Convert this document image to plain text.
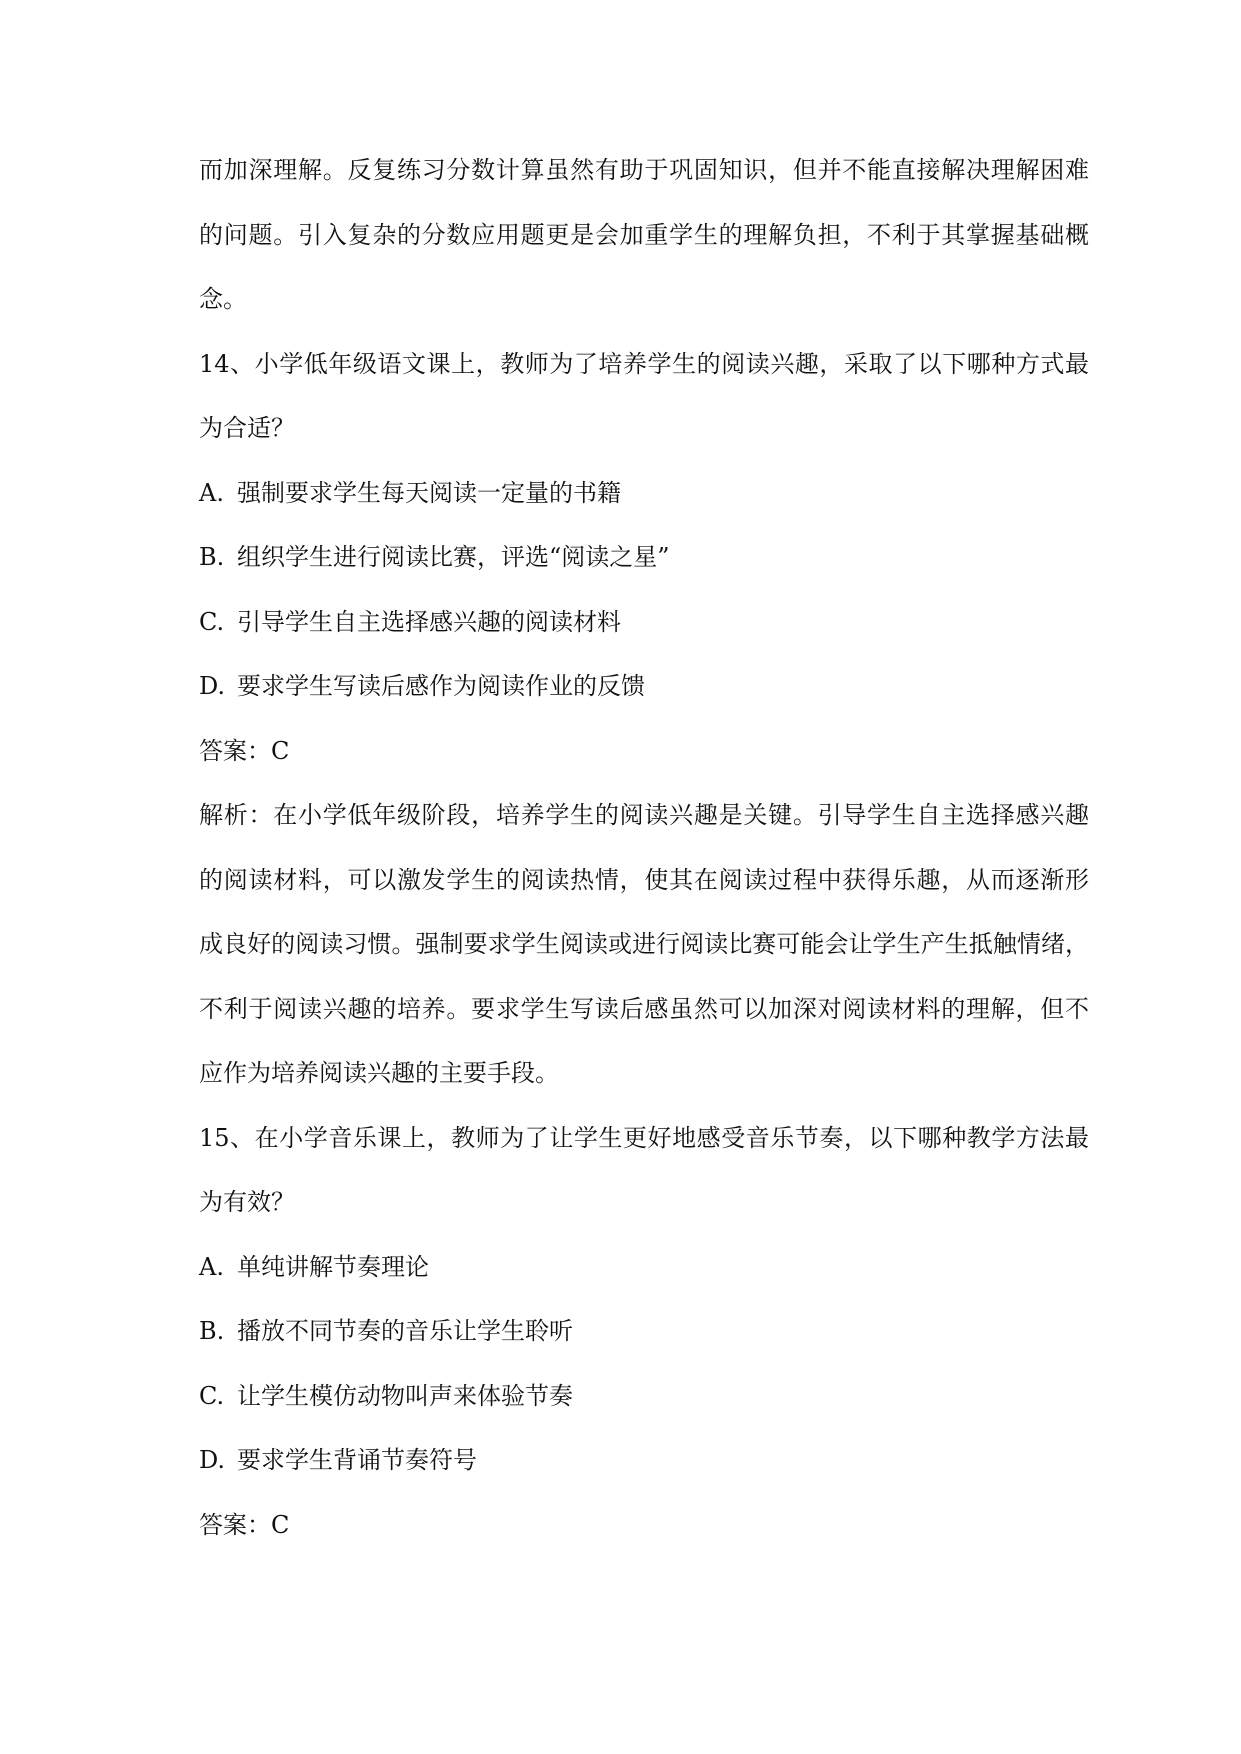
而加深理解。反复练习分数计算虽然有助于巩固知识，但并不能直接解决理解困难
的问题。引入复杂的分数应用题更是会加重学生的理解负担，不利于其掌握基础概
念。
14、小学低年级语文课上，教师为了培养学生的阅读兴趣，采取了以下哪种方式最
为合适？
A. 强制要求学生每天阅读一定量的书籍
B. 组织学生进行阅读比赛，评选“阅读之星”
C. 引导学生自主选择感兴趣的阅读材料
D. 要求学生写读后感作为阅读作业的反馈
答案：C
解析：在小学低年级阶段，培养学生的阅读兴趣是关键。引导学生自主选择感兴趣
的阅读材料，可以激发学生的阅读热情，使其在阅读过程中获得乐趣，从而逐渐形
成良好的阅读习惯。强制要求学生阅读或进行阅读比赛可能会让学生产生抵触情绪，
不利于阅读兴趣的培养。要求学生写读后感虽然可以加深对阅读材料的理解，但不
应作为培养阅读兴趣的主要手段。
15、在小学音乐课上，教师为了让学生更好地感受音乐节奏，以下哪种教学方法最
为有效？
A. 单纯讲解节奏理论
B. 播放不同节奏的音乐让学生聆听
C. 让学生模仿动物叫声来体验节奏
D. 要求学生背诵节奏符号
答案：C
